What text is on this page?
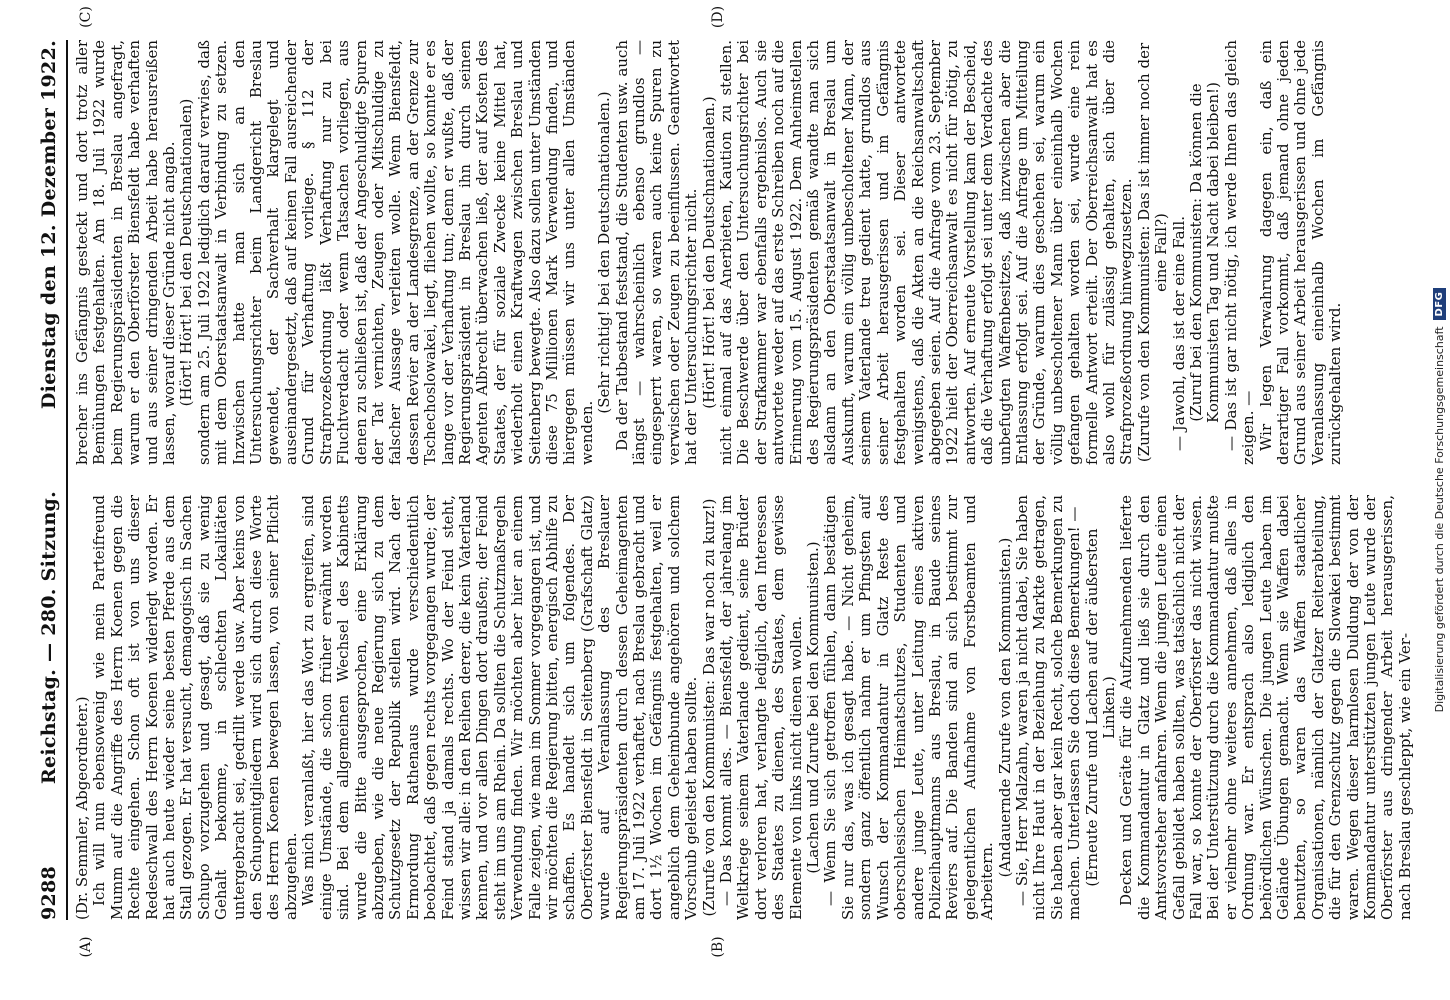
9288
Reichstag. — 280. Sitzung.
Dienstag den 12. Dezember 1922.
(A)	(B)
(C)	(D)

(Dr. Semmler, Abgeordneter.) Ich will nun ebensowenig wie mein Parteifreund Mumm auf die Angriffe des Herrn Koenen gegen die Rechte eingehen. Schon oft ist von uns dieser Redeschwall des Herrn Koenen widerlegt worden. Er hat auch heute wieder seine besten Pferde aus dem Stall gezogen. Er hat versucht, demagogisch in Sachen Schupo vorzugehen und gesagt, daß sie zu wenig Gehalt bekomme, in schlechten Lokalitäten untergebracht sei, gedrillt werde usw. Aber keins von den Schupomitgliedern wird sich durch diese Worte des Herrn Koenen bewegen lassen, von seiner Pflicht abzugehen. Was mich veranlaßt, hier das Wort zu ergreifen, sind einige Umstände, die schon früher erwähnt worden sind. Bei dem allgemeinen Wechsel des Kabinetts wurde die Bitte ausgesprochen, eine Erklärung abzugeben, wie die neue Regierung sich zu dem Schutzgesetz der Republik stellen wird. Nach der Ermordung Rathenaus wurde verschiedentlich beobachtet, daß gegen rechts vorgegangen wurde; der Feind stand ja damals rechts. Wo der Feind steht, wissen wir alle: in den Reihen derer, die kein Vaterland kennen, und vor allen Dingen dort draußen; der Feind steht im uns am Rhein. Da sollten die Schutzmaßregeln Verwendung finden. Wir möchten aber hier an einem Falle zeigen, wie man im Sommer vorgegangen ist, und wir möchten die Regierung bitten, energisch Abhilfe zu schaffen. Es handelt sich um folgendes. Der Oberförster Biensfeldt in Seitenberg (Grafschaft Glatz) wurde auf Veranlassung des Breslauer Regierungspräsidenten durch dessen Geheimagenten am 17. Juli 1922 verhaftet, nach Breslau gebracht und dort 1½ Wochen im Gefängnis festgehalten, weil er angeblich dem Geheimbunde angehören und solchem Vorschub geleistet haben sollte. (Zurufe von den Kommunisten: Das war noch zu kurz!) — Das kommt alles. — Biensfeldt, der jahrelang im Weltkriege seinem Vaterlande gedient, seine Brüder dort verloren hat, verlangte lediglich, den Interessen des Staates zu dienen, des Staates, dem gewisse Elemente von links nicht dienen wollen. (Lachen und Zurufe bei den Kommunisten.) — Wenn Sie sich getroffen fühlen, dann bestätigen Sie nur das, was ich gesagt habe. — Nicht geheim, sondern ganz öffentlich nahm er um Pfingsten auf Wunsch der Kommandantur in Glatz Reste des oberschlesischen Heimatschutzes, Studenten und andere junge Leute, unter Leitung eines aktiven Polizeihauptmanns aus Breslau, in Baude seines Reviers auf. Die Banden sind an sich bestimmt zur gelegentlichen Aufnahme von Forstbeamten und Arbeitern.

(Andauernde Zurufe von den Kommunisten.) — Sie, Herr Malzahn, waren ja nicht dabei, Sie haben nicht Ihre Haut in der Beziehung zu Markte getragen, Sie haben aber gar kein Recht, solche Bemerkungen zu machen. Unterlassen Sie doch diese Bemerkungen! — (Erneute Zurufe und Lachen auf der äußersten Linken.) Decken und Geräte für die Aufzunehmenden lieferte die Kommandantur in Glatz und ließ sie durch den Amtsvorsteher anfahren. Wenn die jungen Leute einen Gefall gebildet haben sollten, was tatsächlich nicht der Fall war, so konnte der Oberförster das nicht wissen. Bei der Unterstützung durch die Kommandantur mußte er vielmehr ohne weiteres annehmen, daß alles in Ordnung war. Er entsprach also lediglich den behördlichen Wünschen. Die jungen Leute haben im Gelände Übungen gemacht. Wenn sie Waffen dabei benutzten, so waren das Waffen staatlicher Organisationen, nämlich der Glatzer Reiterabteilung, die für den Grenzschutz gegen die Slowakei bestimmt waren. Wegen dieser harmlosen Duldung der von der Kommandantur unterstützten jungen Leute wurde der Oberförster aus dringender Arbeit herausgerissen, nach Breslau geschleppt, wie ein Ver-

brecher ins Gefängnis gesteckt und dort trotz aller Bemühungen festgehalten. Am 18. Juli 1922 wurde beim Regierungspräsidenten in Breslau angefragt, warum er den Oberförster Biensfeldt habe verhaften und aus seiner dringenden Arbeit habe herausreißen lassen, worauf dieser Gründe nicht angab. (Hört! Hört! bei den Deutschnationalen) sondern am 25. Juli 1922 lediglich darauf verwies, daß mit dem Oberstaatsanwalt in Verbindung zu setzen. Inzwischen hatte man sich an den Untersuchungsrichter beim Landgericht Breslau gewendet, der Sachverhalt klargelegt und auseinandergesetzt, daß auf keinen Fall ausreichender Grund für Verhaftung vorliege. § 112 der Strafprozeßordnung läßt Verhaftung nur zu bei Fluchtverdacht oder wenn Tatsachen vorliegen, aus denen zu schließen ist, daß der Angeschuldigte Spuren der Tat vernichten, Zeugen oder Mitschuldige zu falscher Aussage verleiten wolle. Wenn Biensfeldt, dessen Revier an der Landesgrenze, an der Grenze zur Tschechoslowakei, liegt, fliehen wollte, so konnte er es lange vor der Verhaftung tun; denn er wußte, daß der Regierungspräsident in Breslau ihn durch seinen Agenten Albrecht überwachen ließ, der auf Kosten des Staates, der für soziale Zwecke keine Mittel hat, wiederholt einen Kraftwagen zwischen Breslau und Seitenberg bewegte. Also dazu sollen unter Umständen diese 75 Millionen Mark Verwendung finden, und hiergegen müssen wir uns unter allen Umständen wenden.

(Sehr richtig! bei den Deutschnationalen.) Da der Tatbestand feststand, die Studenten usw. auch längst — wahrscheinlich ebenso grundlos — eingesperrt waren, so waren auch keine Spuren zu verwischen oder Zeugen zu beeinflussen. Geantwortet hat der Untersuchungsrichter nicht. (Hört! Hört! bei den Deutschnationalen.) nicht einmal auf das Anerbieten, Kaution zu stellen. Die Beschwerde über den Untersuchungsrichter bei der Strafkammer war ebenfalls ergebnislos. Auch sie antwortete weder auf das erste Schreiben noch auf die Erinnerung vom 15. August 1922. Dem Anheimstellen des Regierungspräsidenten gemäß wandte man sich alsdann an den Oberstaatsanwalt in Breslau um Auskunft, warum ein völlig unbescholtener Mann, der seinem Vaterlande treu gedient hatte, grundlos aus seiner Arbeit herausgerissen und im Gefängnis festgehalten worden sei. Dieser antwortete wenigstens, daß die Akten an die Reichsanwaltschaft abgegeben seien. Auf die Anfrage vom 23. September 1922 hielt der Oberreichsanwalt es nicht für nötig, zu antworten. Auf erneute Vorstellung kam der Bescheid, daß die Verhaftung erfolgt sei unter dem Verdachte des unbefugten Waffenbesitzes, daß inzwischen aber die Entlassung erfolgt sei. Auf die Anfrage um Mitteilung der Gründe, warum dies geschehen sei, warum ein völlig unbescholtener Mann über eineinhalb Wochen gefangen gehalten worden sei, wurde eine rein formelle Antwort erteilt. Der Oberreichsanwalt hat es also wohl für zulässig gehalten, sich über die Strafprozeßordnung hinwegzusetzen. (Zurufe von den Kommunisten: Das ist immer noch der eine Fall?) — Jawohl, das ist der eine Fall. (Zuruf bei den Kommunisten: Da können die Kommunisten Tag und Nacht dabei bleiben!) — Das ist gar nicht nötig, ich werde Ihnen das gleich zeigen. — Wir legen Verwahrung dagegen ein, daß ein derartiger Fall vorkommt, daß jemand ohne jeden Grund aus seiner Arbeit herausgerissen und ohne jede Veranlassung eineinhalb Wochen im Gefängnis zurückgehalten wird.	Digitalisierung gefördert durch die Deutsche Forschungsgemeinschaft
DFG
